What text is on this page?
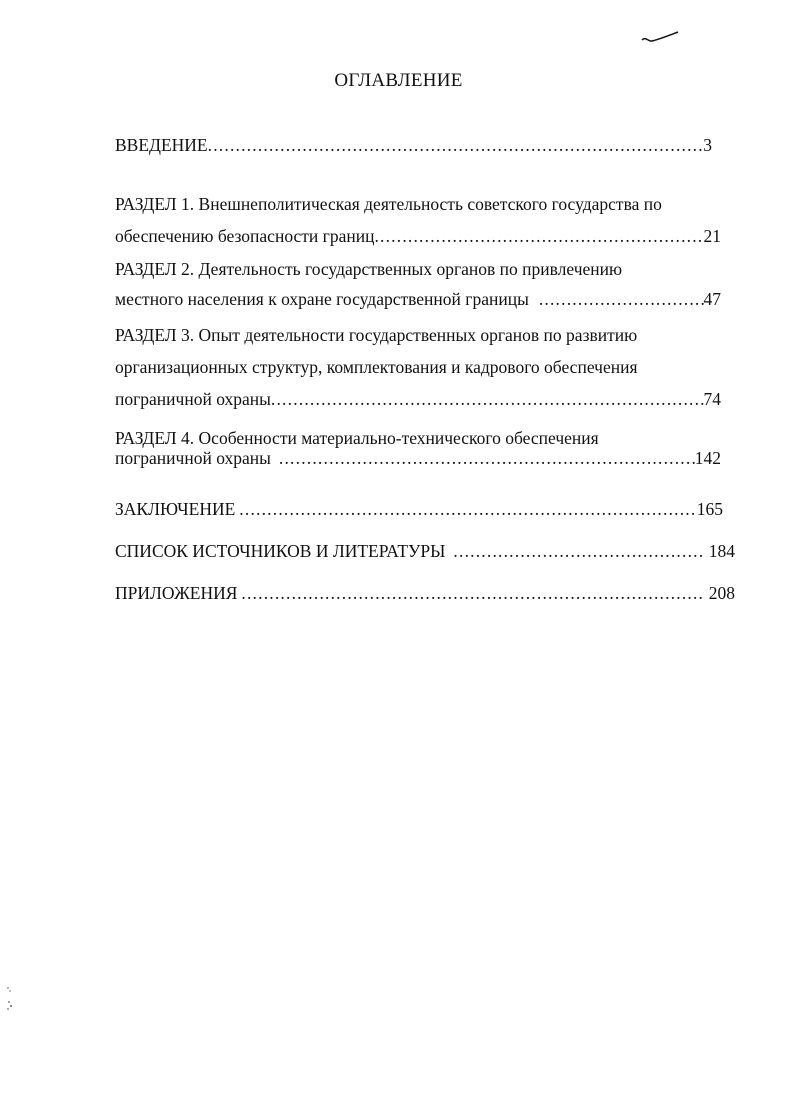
ОГЛАВЛЕНИЕ
ВВЕДЕНИЕ .....	3
РАЗДЕЛ 1. Внешнеполитическая деятельность советского государства по
обеспечению безопасности границ .....	21
РАЗДЕЛ 2. Деятельность государственных органов по привлечению
местного населения к охране государственной границы .....	47
РАЗДЕЛ 3. Опыт деятельности государственных органов по развитию
организационных структур, комплектования и кадрового обеспечения
пограничной охраны .....	74
РАЗДЕЛ 4. Особенности материально-технического обеспечения
пограничной охраны .....	142
ЗАКЛЮЧЕНИЕ .....	165
СПИСОК ИСТОЧНИКОВ И ЛИТЕРАТУРЫ .....	184
ПРИЛОЖЕНИЯ .....	208
